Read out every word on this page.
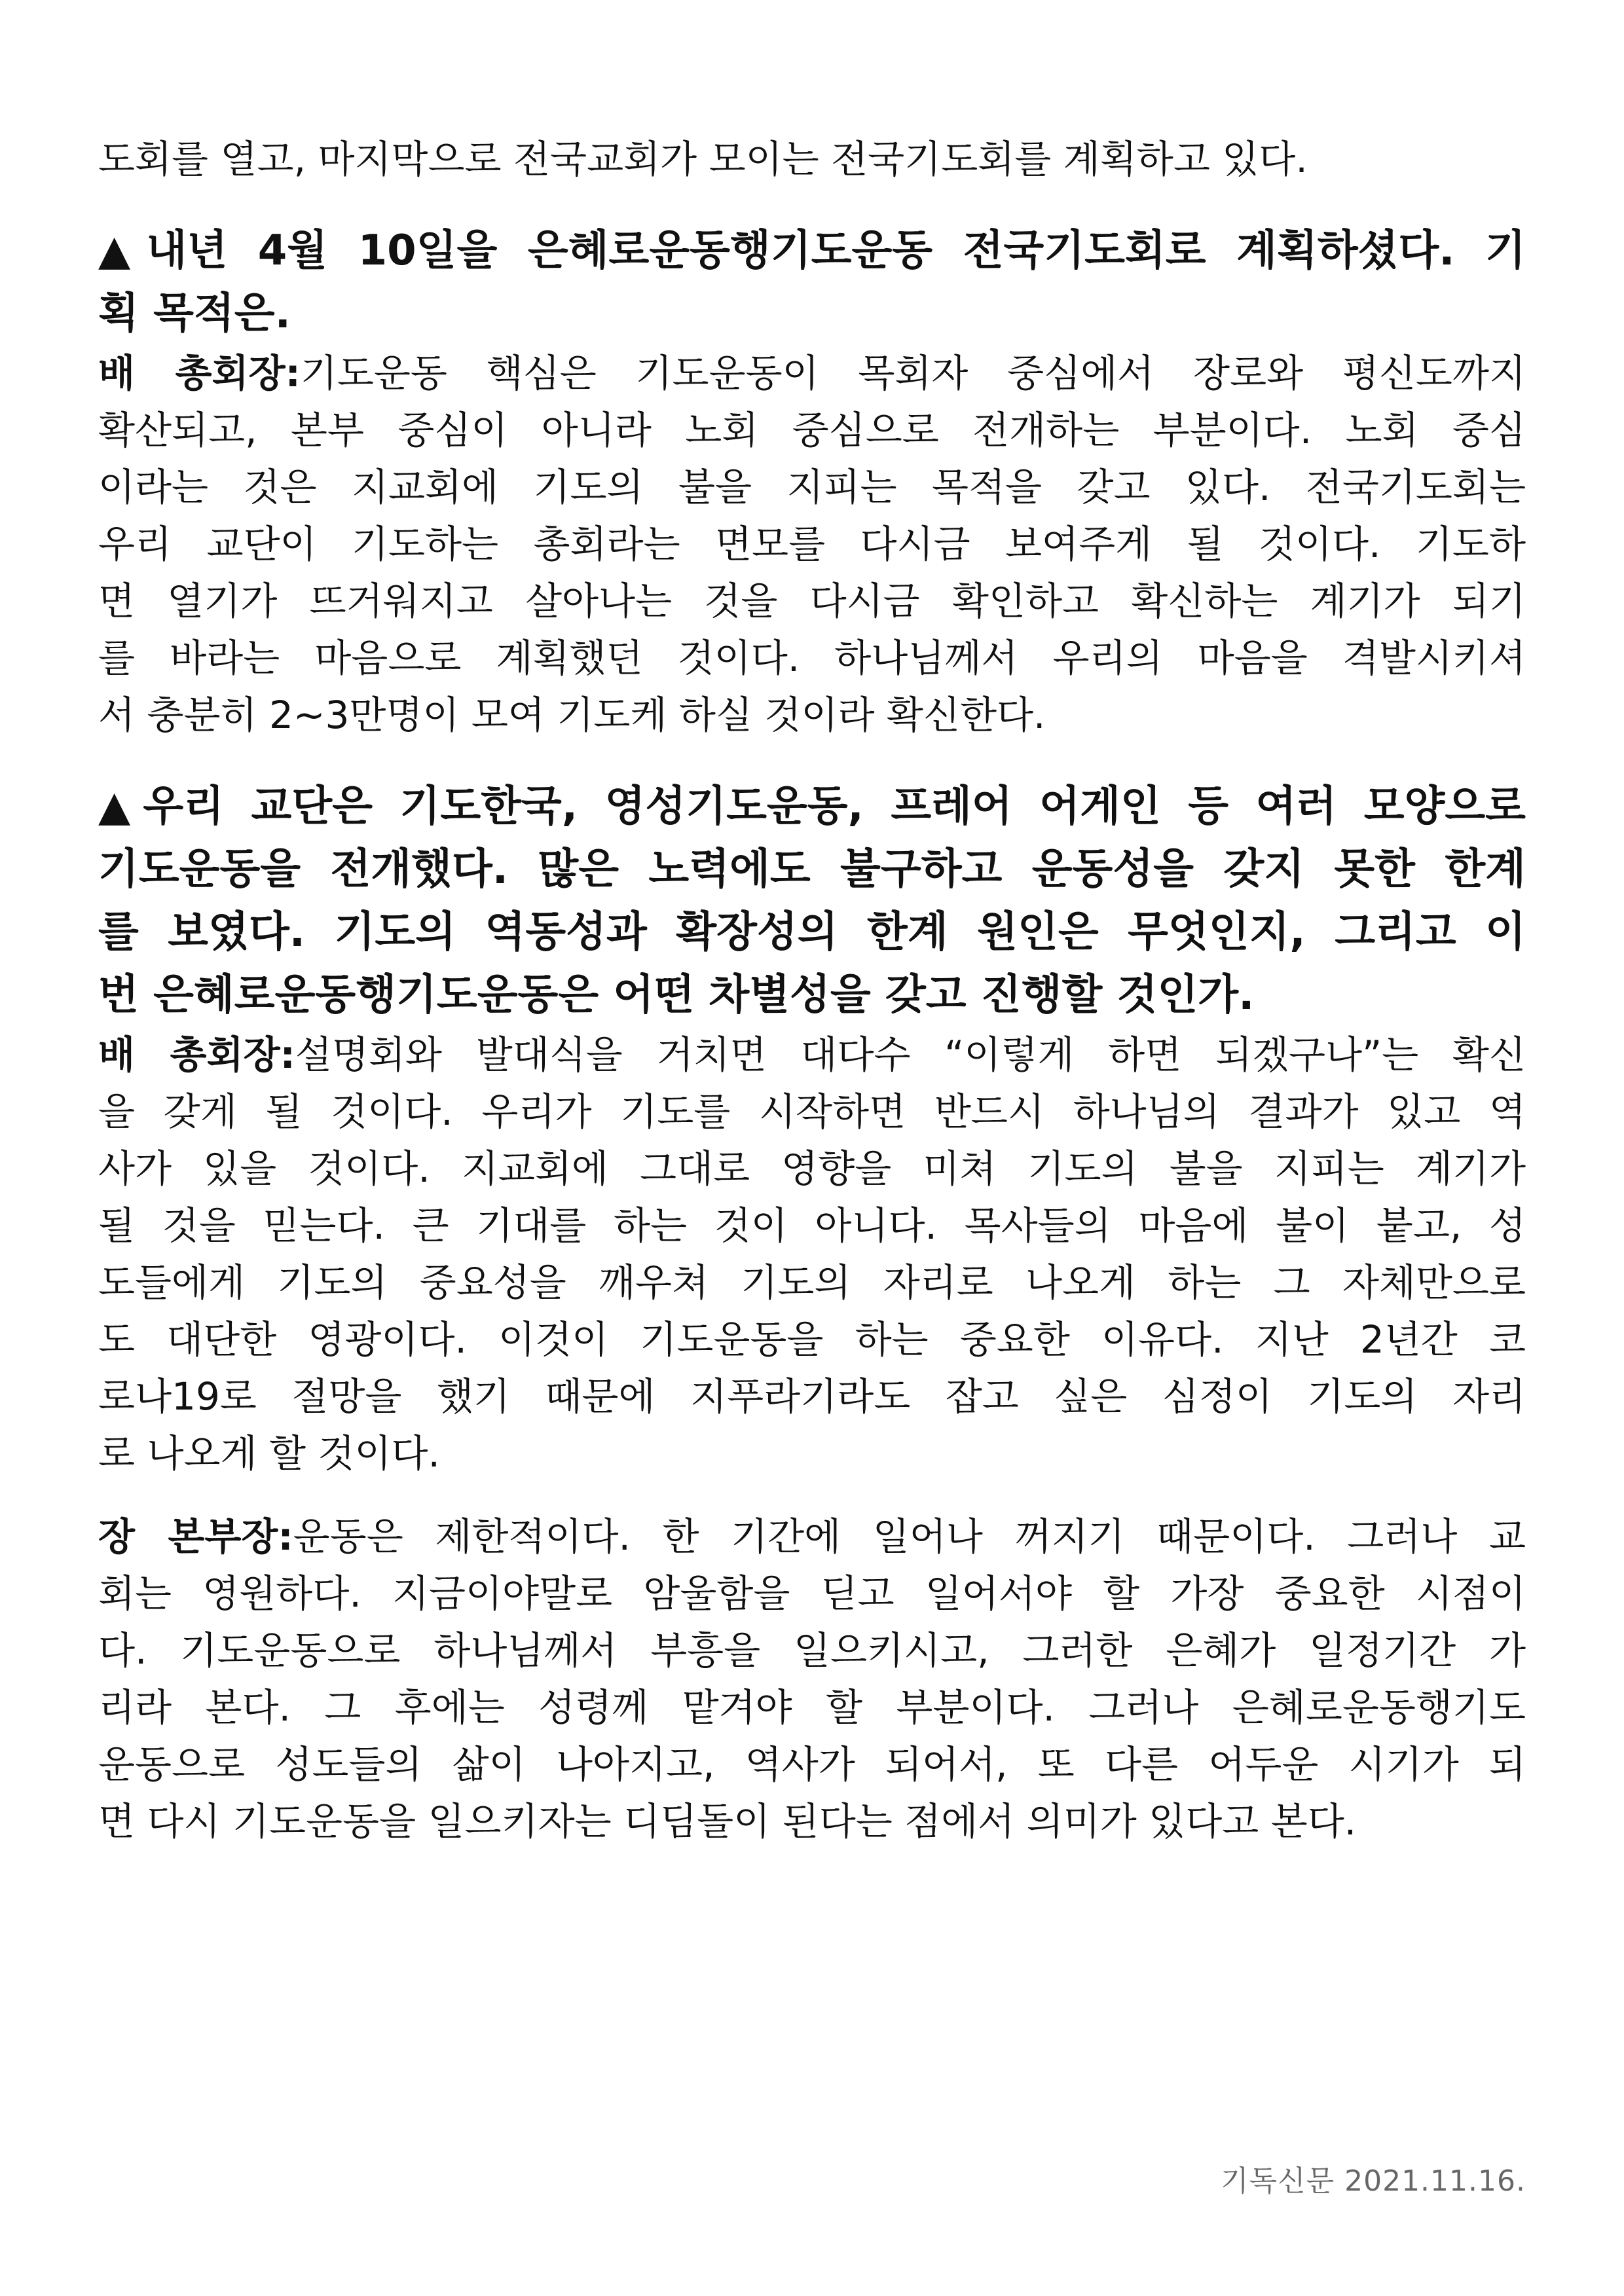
도회를 열고, 마지막으로 전국교회가 모이는 전국기도회를 계획하고 있다.
▲내년 4월 10일을 은혜로운동행기도운동 전국기도회로 계획하셨다. 기
획 목적은.
배 총회장:기도운동 핵심은 기도운동이 목회자 중심에서 장로와 평신도까지
확산되고, 본부 중심이 아니라 노회 중심으로 전개하는 부분이다. 노회 중심
이라는 것은 지교회에 기도의 불을 지피는 목적을 갖고 있다. 전국기도회는
우리 교단이 기도하는 총회라는 면모를 다시금 보여주게 될 것이다. 기도하
면 열기가 뜨거워지고 살아나는 것을 다시금 확인하고 확신하는 계기가 되기
를 바라는 마음으로 계획했던 것이다. 하나님께서 우리의 마음을 격발시키셔
서 충분히 2~3만명이 모여 기도케 하실 것이라 확신한다.
▲우리 교단은 기도한국, 영성기도운동, 프레어 어게인 등 여러 모양으로
기도운동을 전개했다. 많은 노력에도 불구하고 운동성을 갖지 못한 한계
를 보였다. 기도의 역동성과 확장성의 한계 원인은 무엇인지, 그리고 이
번 은혜로운동행기도운동은 어떤 차별성을 갖고 진행할 것인가.
배 총회장:설명회와 발대식을 거치면 대다수 “이렇게 하면 되겠구나”는 확신
을 갖게 될 것이다. 우리가 기도를 시작하면 반드시 하나님의 결과가 있고 역
사가 있을 것이다. 지교회에 그대로 영향을 미쳐 기도의 불을 지피는 계기가
될 것을 믿는다. 큰 기대를 하는 것이 아니다. 목사들의 마음에 불이 붙고, 성
도들에게 기도의 중요성을 깨우쳐 기도의 자리로 나오게 하는 그 자체만으로
도 대단한 영광이다. 이것이 기도운동을 하는 중요한 이유다. 지난 2년간 코
로나19로 절망을 했기 때문에 지푸라기라도 잡고 싶은 심정이 기도의 자리
로 나오게 할 것이다.
장 본부장:운동은 제한적이다. 한 기간에 일어나 꺼지기 때문이다. 그러나 교
회는 영원하다. 지금이야말로 암울함을 딛고 일어서야 할 가장 중요한 시점이
다. 기도운동으로 하나님께서 부흥을 일으키시고, 그러한 은혜가 일정기간 가
리라 본다. 그 후에는 성령께 맡겨야 할 부분이다. 그러나 은혜로운동행기도
운동으로 성도들의 삶이 나아지고, 역사가 되어서, 또 다른 어두운 시기가 되
면 다시 기도운동을 일으키자는 디딤돌이 된다는 점에서 의미가 있다고 본다.
기독신문 2021.11.16.
